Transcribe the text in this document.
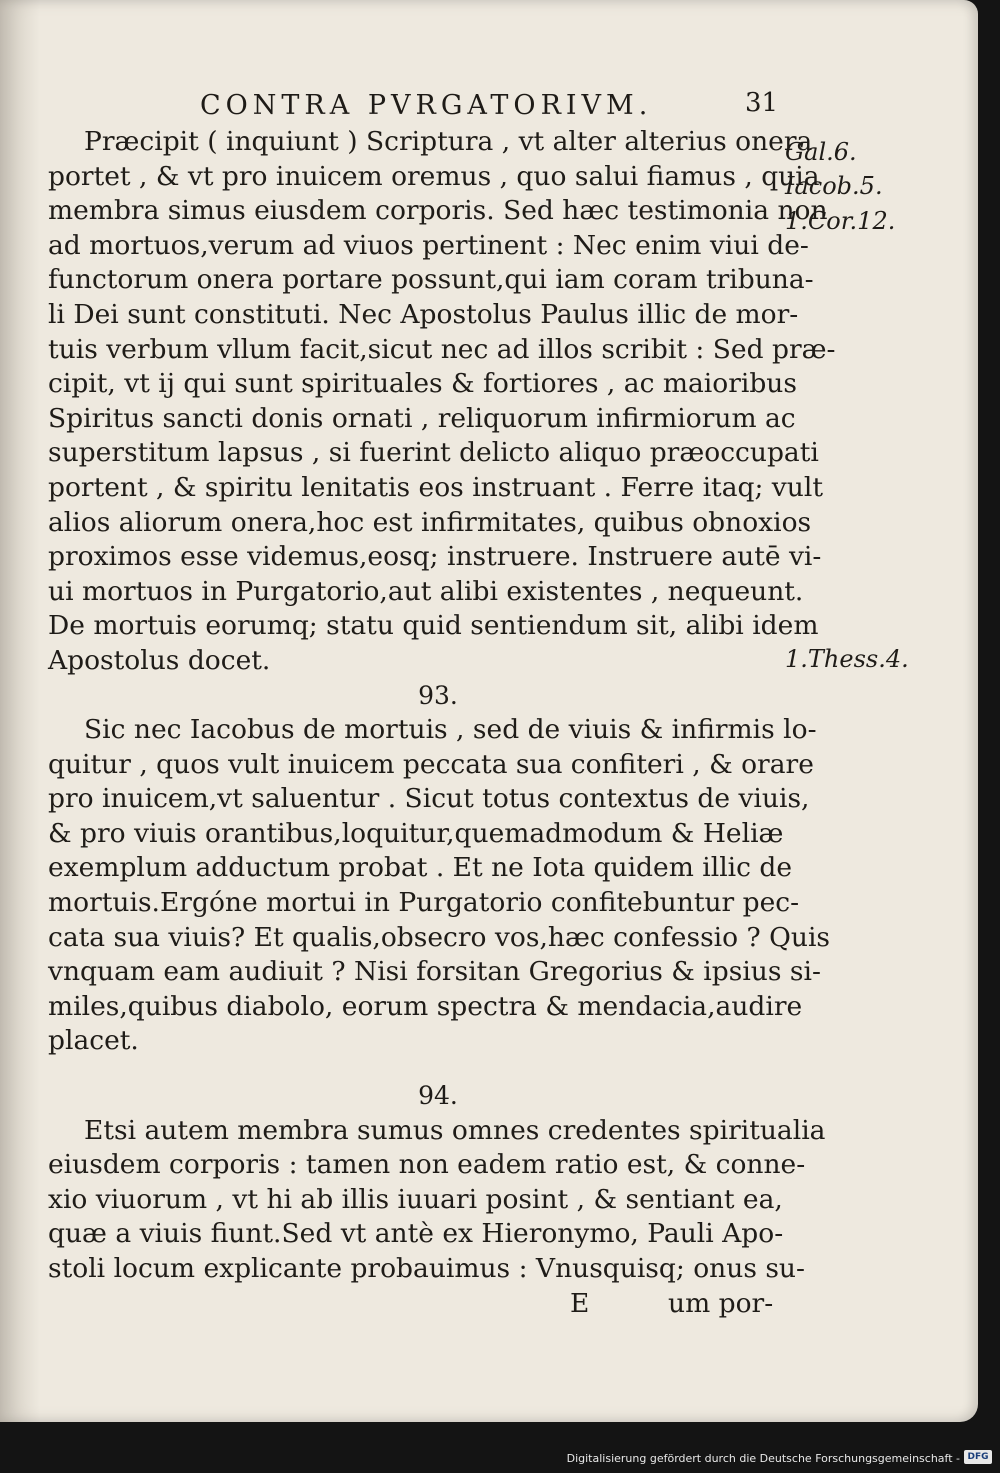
CONTRA PVRGATORIVM.	31
Gal.6.
Iacob.5.
1.Cor.12.
1.Thess.4.
Præcipit ( inquiunt ) Scriptura , vt alter alterius onera
portet , & vt pro inuicem oremus , quo salui fiamus , quia
membra simus eiusdem corporis. Sed hæc testimonia non
ad mortuos,verum ad viuos pertinent : Nec enim viui de-
functorum onera portare possunt,qui iam coram tribuna-
li Dei sunt constituti. Nec Apostolus Paulus illic de mor-
tuis verbum vllum facit,sicut nec ad illos scribit : Sed præ-
cipit, vt ij qui sunt spirituales & fortiores , ac maioribus
Spiritus sancti donis ornati , reliquorum infirmiorum ac
superstitum lapsus , si fuerint delicto aliquo præoccupati
portent , & spiritu lenitatis eos instruant . Ferre itaq; vult
alios aliorum onera,hoc est infirmitates, quibus obnoxios
proximos esse videmus,eosq; instruere. Instruere autē vi-
ui mortuos in Purgatorio,aut alibi existentes , nequeunt.
De mortuis eorumq; statu quid sentiendum sit, alibi idem
Apostolus docet.
93.
Sic nec Iacobus de mortuis , sed de viuis & infirmis lo-
quitur , quos vult inuicem peccata sua confiteri , & orare
pro inuicem,vt saluentur . Sicut totus contextus de viuis,
& pro viuis orantibus,loquitur,quemadmodum & Heliæ
exemplum adductum probat . Et ne Iota quidem illic de
mortuis.Ergóne mortui in Purgatorio confitebuntur pec-
cata sua viuis? Et qualis,obsecro vos,hæc confessio ? Quis
vnquam eam audiuit ? Nisi forsitan Gregorius & ipsius si-
miles,quibus diabolo, eorum spectra & mendacia,audire
placet.
94.
Etsi autem membra sumus omnes credentes spiritualia
eiusdem corporis : tamen non eadem ratio est, & conne-
xio viuorum , vt hi ab illis iuuari posint , & sentiant ea,
quæ a viuis fiunt.Sed vt antè ex Hieronymo, Pauli Apo-
stoli locum explicante probauimus : Vnusquisq; onus su-
E	um por-
Digitalisierung gefördert durch die Deutsche Forschungsgemeinschaft - DFG
